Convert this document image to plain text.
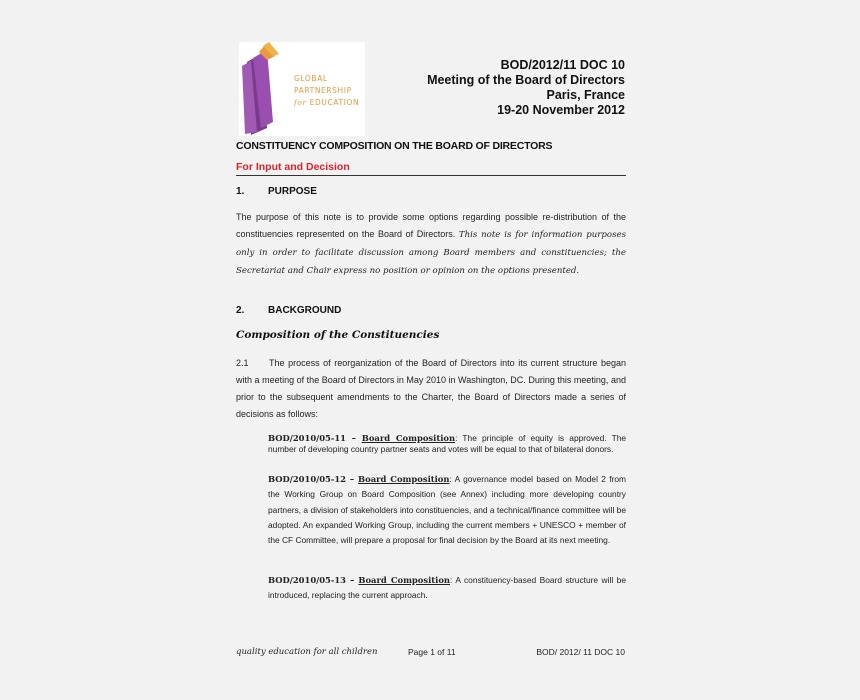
GLOBAL
PARTNERSHIP
for EDUCATION
BOD/2012/11 DOC 10
Meeting of the Board of Directors
Paris, France
19-20 November 2012
CONSTITUENCY COMPOSITION ON THE BOARD OF DIRECTORS
For Input and Decision
1. PURPOSE
The purpose of this note is to provide some options regarding possible re-distribution of the constituencies represented on the Board of Directors. This note is for information purposes only in order to facilitate discussion among Board members and constituencies; the Secretariat and Chair express no position or opinion on the options presented.
2. BACKGROUND
Composition of the Constituencies
2.1 The process of reorganization of the Board of Directors into its current structure began with a meeting of the Board of Directors in May 2010 in Washington, DC. During this meeting, and prior to the subsequent amendments to the Charter, the Board of Directors made a series of decisions as follows:
BOD/2010/05-11 – Board Composition: The principle of equity is approved. The number of developing country partner seats and votes will be equal to that of bilateral donors.
BOD/2010/05-12 – Board Composition: A governance model based on Model 2 from the Working Group on Board Composition (see Annex) including more developing country partners, a division of stakeholders into constituencies, and a technical/finance committee will be adopted. An expanded Working Group, including the current members + UNESCO + member of the CF Committee, will prepare a proposal for final decision by the Board at its next meeting.
BOD/2010/05-13 – Board Composition: A constituency-based Board structure will be introduced, replacing the current approach.
quality education for all children	Page 1 of 11	BOD/ 2012/ 11 DOC 10
